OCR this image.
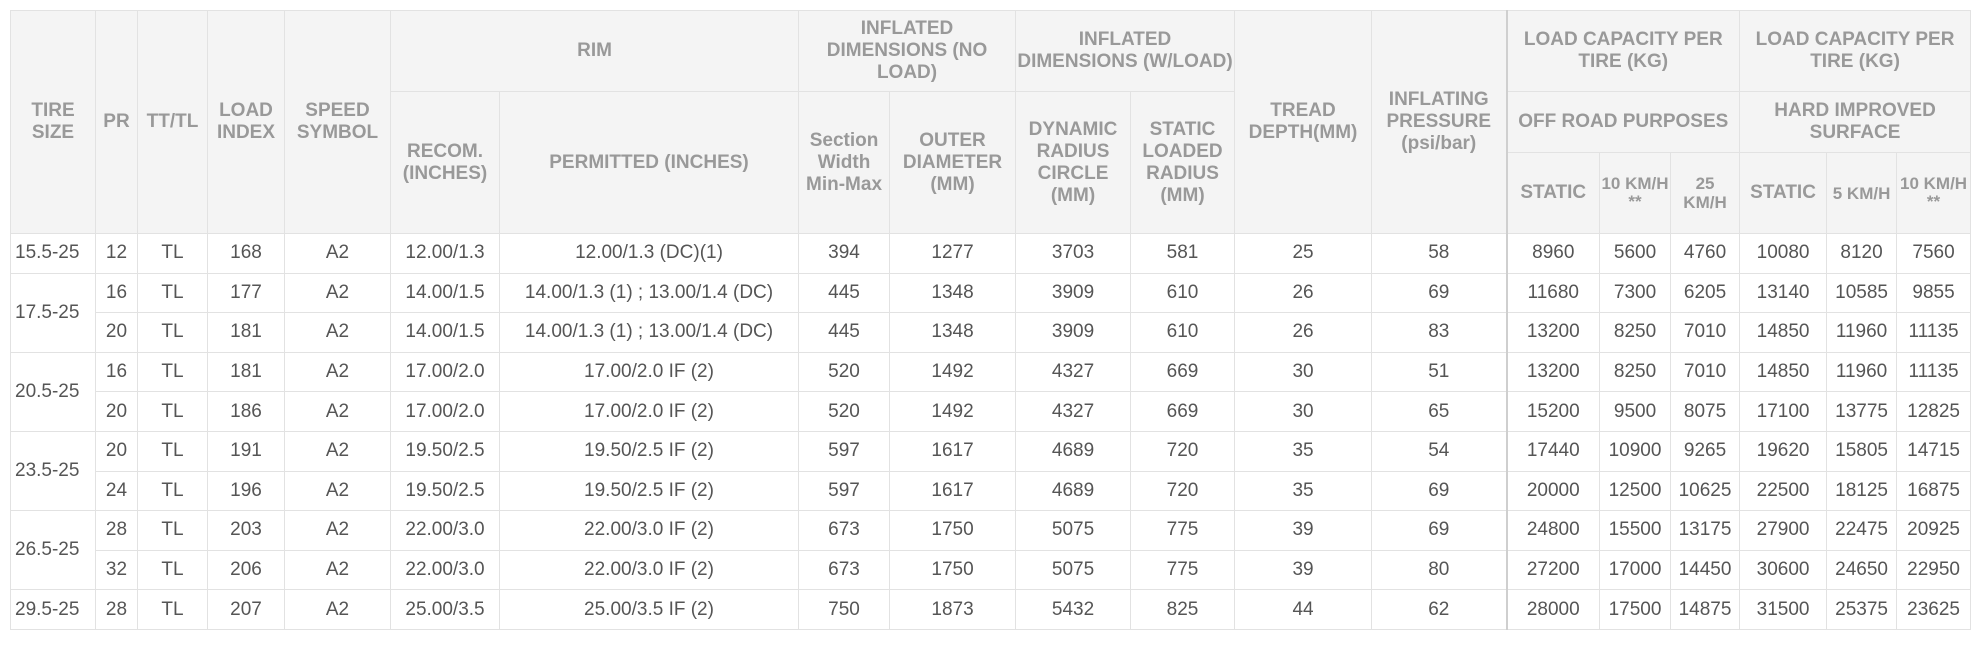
TIRE SIZE	PR	TT/TL	LOAD INDEX	SPEED SYMBOL	RIM		INFLATED DIMENSIONS (NO LOAD)		INFLATED DIMENSIONS (W/LOAD)		TREAD DEPTH(MM)	INFLATING PRESSURE (psi/bar)	LOAD CAPACITY PER TIRE (KG)			LOAD CAPACITY PER TIRE (KG)		
					RECOM. (INCHES)	PERMITTED (INCHES)	Section Width Min-Max	OUTER DIAMETER (MM)	DYNAMIC RADIUS CIRCLE (MM)	STATIC LOADED RADIUS (MM)			OFF ROAD PURPOSES			HARD IMPROVED SURFACE		
													STATIC	10 KM/H **	25 KM/H	STATIC	5 KM/H	10 KM/H **
15.5-25	12	TL	168	A2	12.00/1.3	12.00/1.3 (DC)(1)	394	1277	3703	581	25	58	8960	5600	4760	10080	8120	7560
17.5-25	16	TL	177	A2	14.00/1.5	14.00/1.3 (1) ; 13.00/1.4 (DC)	445	1348	3909	610	26	69	11680	7300	6205	13140	10585	9855
	20	TL	181	A2	14.00/1.5	14.00/1.3 (1) ; 13.00/1.4 (DC)	445	1348	3909	610	26	83	13200	8250	7010	14850	11960	11135
20.5-25	16	TL	181	A2	17.00/2.0	17.00/2.0 IF (2)	520	1492	4327	669	30	51	13200	8250	7010	14850	11960	11135
	20	TL	186	A2	17.00/2.0	17.00/2.0 IF (2)	520	1492	4327	669	30	65	15200	9500	8075	17100	13775	12825
23.5-25	20	TL	191	A2	19.50/2.5	19.50/2.5 IF (2)	597	1617	4689	720	35	54	17440	10900	9265	19620	15805	14715
	24	TL	196	A2	19.50/2.5	19.50/2.5 IF (2)	597	1617	4689	720	35	69	20000	12500	10625	22500	18125	16875
26.5-25	28	TL	203	A2	22.00/3.0	22.00/3.0 IF (2)	673	1750	5075	775	39	69	24800	15500	13175	27900	22475	20925
	32	TL	206	A2	22.00/3.0	22.00/3.0 IF (2)	673	1750	5075	775	39	80	27200	17000	14450	30600	24650	22950
29.5-25	28	TL	207	A2	25.00/3.5	25.00/3.5 IF (2)	750	1873	5432	825	44	62	28000	17500	14875	31500	25375	23625
